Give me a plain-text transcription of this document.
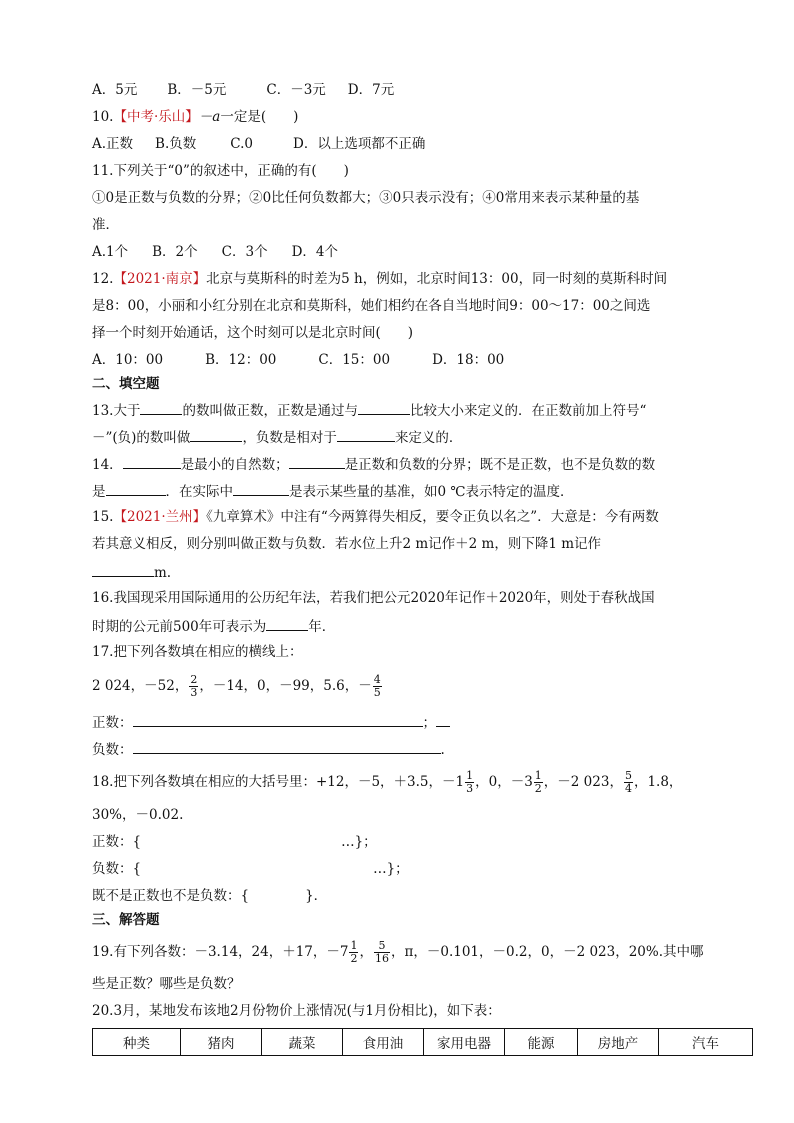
A．5元 B．－5元	C．－3元 D．7元
10.【中考·乐山】－a一定是(　　)
A.正数 B.负数	C.0	D．以上选项都不正确
11.下列关于“0”的叙述中，正确的有(　　)
①0是正数与负数的分界；②0比任何负数都大；③0只表示没有；④0常用来表示某种量的基
准．
A.1个 B．2个 C．3个 D．4个
12.【2021·南京】北京与莫斯科的时差为5 h，例如，北京时间13：00，同一时刻的莫斯科时间
是8：00，小丽和小红分别在北京和莫斯科，她们相约在各自当地时间9：00～17：00之间选
择一个时刻开始通话，这个时刻可以是北京时间(　　)
A．10：00	B．12：00	C．15：00	D．18：00
二、填空题
13.大于	的数叫做正数，正数是通过与	比较大小来定义的．在正数前加上符号“
－”(负)的数叫做	，负数是相对于	来定义的．
14．	是最小的自然数；	是正数和负数的分界；既不是正数，也不是负数的数
是	．在实际中	是表示某些量的基准，如0 ℃表示特定的温度．
15.【2021·兰州】《九章算术》中注有“今两算得失相反，要令正负以名之”．大意是：今有两数
若其意义相反，则分别叫做正数与负数．若水位上升2 m记作＋2 m，则下降1 m记作
m.
16.我国现采用国际通用的公历纪年法，若我们把公元2020年记作＋2020年，则处于春秋战国
时期的公元前500年可表示为	年．
17.把下列各数填在相应的横线上：
2 024，－52， $\frac{2}{3}$ ，－14，0，－99，5.6，－ $\frac{4}{5}$
正数：	；
负数：	.
18.把下列各数填在相应的大括号里：+12，－5，＋3.5，$-1 \frac{1}{3}$ ，0，$-3 \frac{1}{2}$ ，－2 023， $\frac{5}{4}$ ，1.8，
30%，－0.02.
正数：{	…}；
负数：{	…}；
既不是正数也不是负数：{	}．
三、解答题
19.有下列各数：－3.14，24，＋17，$-7 \frac{1}{2}$ ， $\frac{5}{16}$ ，π，－0.101，－0.2，0，－2 023，20%.其中哪
些是正数？哪些是负数？
20.3月，某地发布该地2月份物价上涨情况(与1月份相比)，如下表：
种类	猪肉	蔬菜	食用油	家用电器	能源	房地产	汽车
